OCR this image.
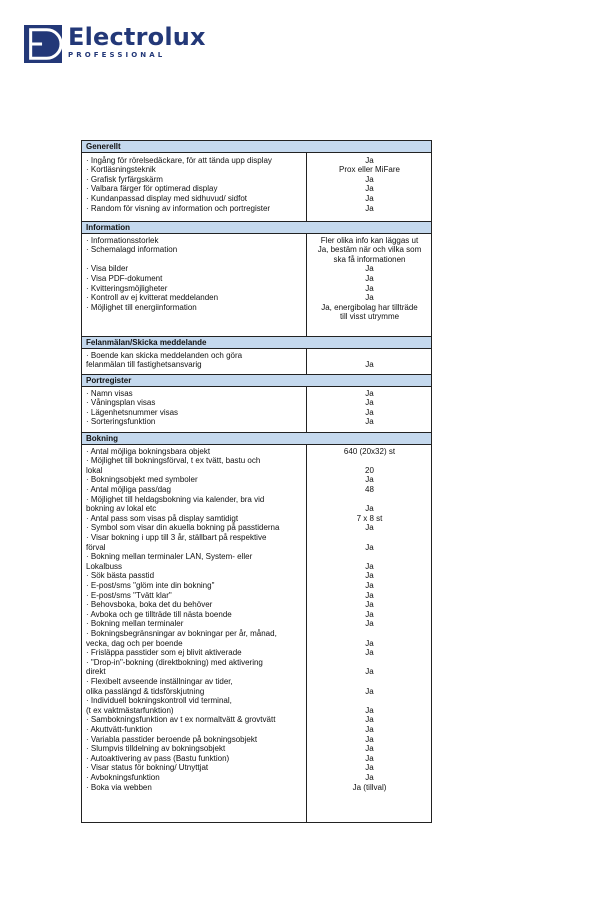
Electrolux
PROFESSIONAL
Generellt
· Ingång för rörelsedäckare, för att tända upp display	Ja
· Kortläsningsteknik	Prox eller MiFare
· Grafisk fyrfärgskärm	Ja
· Valbara färger för optimerad display	Ja
· Kundanpassad display med sidhuvud/ sidfot	Ja
· Random för visning av information och portregister	Ja
Information
· Informationsstorlek	Fler olika info kan läggas ut
· Schemalagd information	Ja, bestäm när och vilka som
ska få informationen
· Visa bilder	Ja
· Visa PDF-dokument	Ja
· Kvitteringsmöjligheter	Ja
· Kontroll av ej kvitterat meddelanden	Ja
· Möjlighet till energiinformation	Ja, energibolag har tillträde
till visst utrymme
Felanmälan/Skicka meddelande
· Boende kan skicka meddelanden och göra
felanmälan till fastighetsansvarig	Ja
Portregister
· Namn visas	Ja
· Våningsplan visas	Ja
· Lägenhetsnummer visas	Ja
· Sorteringsfunktion	Ja
Bokning
· Antal möjliga bokningsbara objekt	640 (20x32) st
· Möjlighet till bokningsförval, t ex tvätt, bastu och
lokal	20
· Bokningsobjekt med symboler	Ja
· Antal möjliga pass/dag	48
· Möjlighet till heldagsbokning via kalender, bra vid
bokning av lokal etc	Ja
· Antal pass som visas på display samtidigt	7 x 8 st
· Symbol som visar din akuella bokning på passtiderna	Ja
· Visar bokning i upp till 3 år, ställbart på respektive
förval	Ja
· Bokning mellan terminaler LAN, System- eller
Lokalbuss	Ja
· Sök bästa passtid	Ja
· E-post/sms "glöm inte din bokning"	Ja
· E-post/sms "Tvätt klar"	Ja
· Behovsboka, boka det du behöver	Ja
· Avboka och ge tillträde till nästa boende	Ja
· Bokning mellan terminaler	Ja
· Bokningsbegränsningar av bokningar per år, månad,
vecka, dag och per boende	Ja
· Frisläppa passtider som ej blivit aktiverade	Ja
· "Drop-in"-bokning (direktbokning) med aktivering
direkt	Ja
· Flexibelt avseende inställningar av tider,
olika passlängd & tidsförskjutning	Ja
· Individuell bokningskontroll vid terminal,
(t ex vaktmästarfunktion)	Ja
· Sambokningsfunktion av t ex normaltvätt & grovtvätt	Ja
· Akuttvätt-funktion	Ja
· Variabla passtider beroende på bokningsobjekt	Ja
· Slumpvis tilldelning av bokningsobjekt	Ja
· Autoaktivering av pass (Bastu funktion)	Ja
· Visar status för bokning/ Utnyttjat	Ja
· Avbokningsfunktion	Ja
· Boka via webben	Ja (tillval)
